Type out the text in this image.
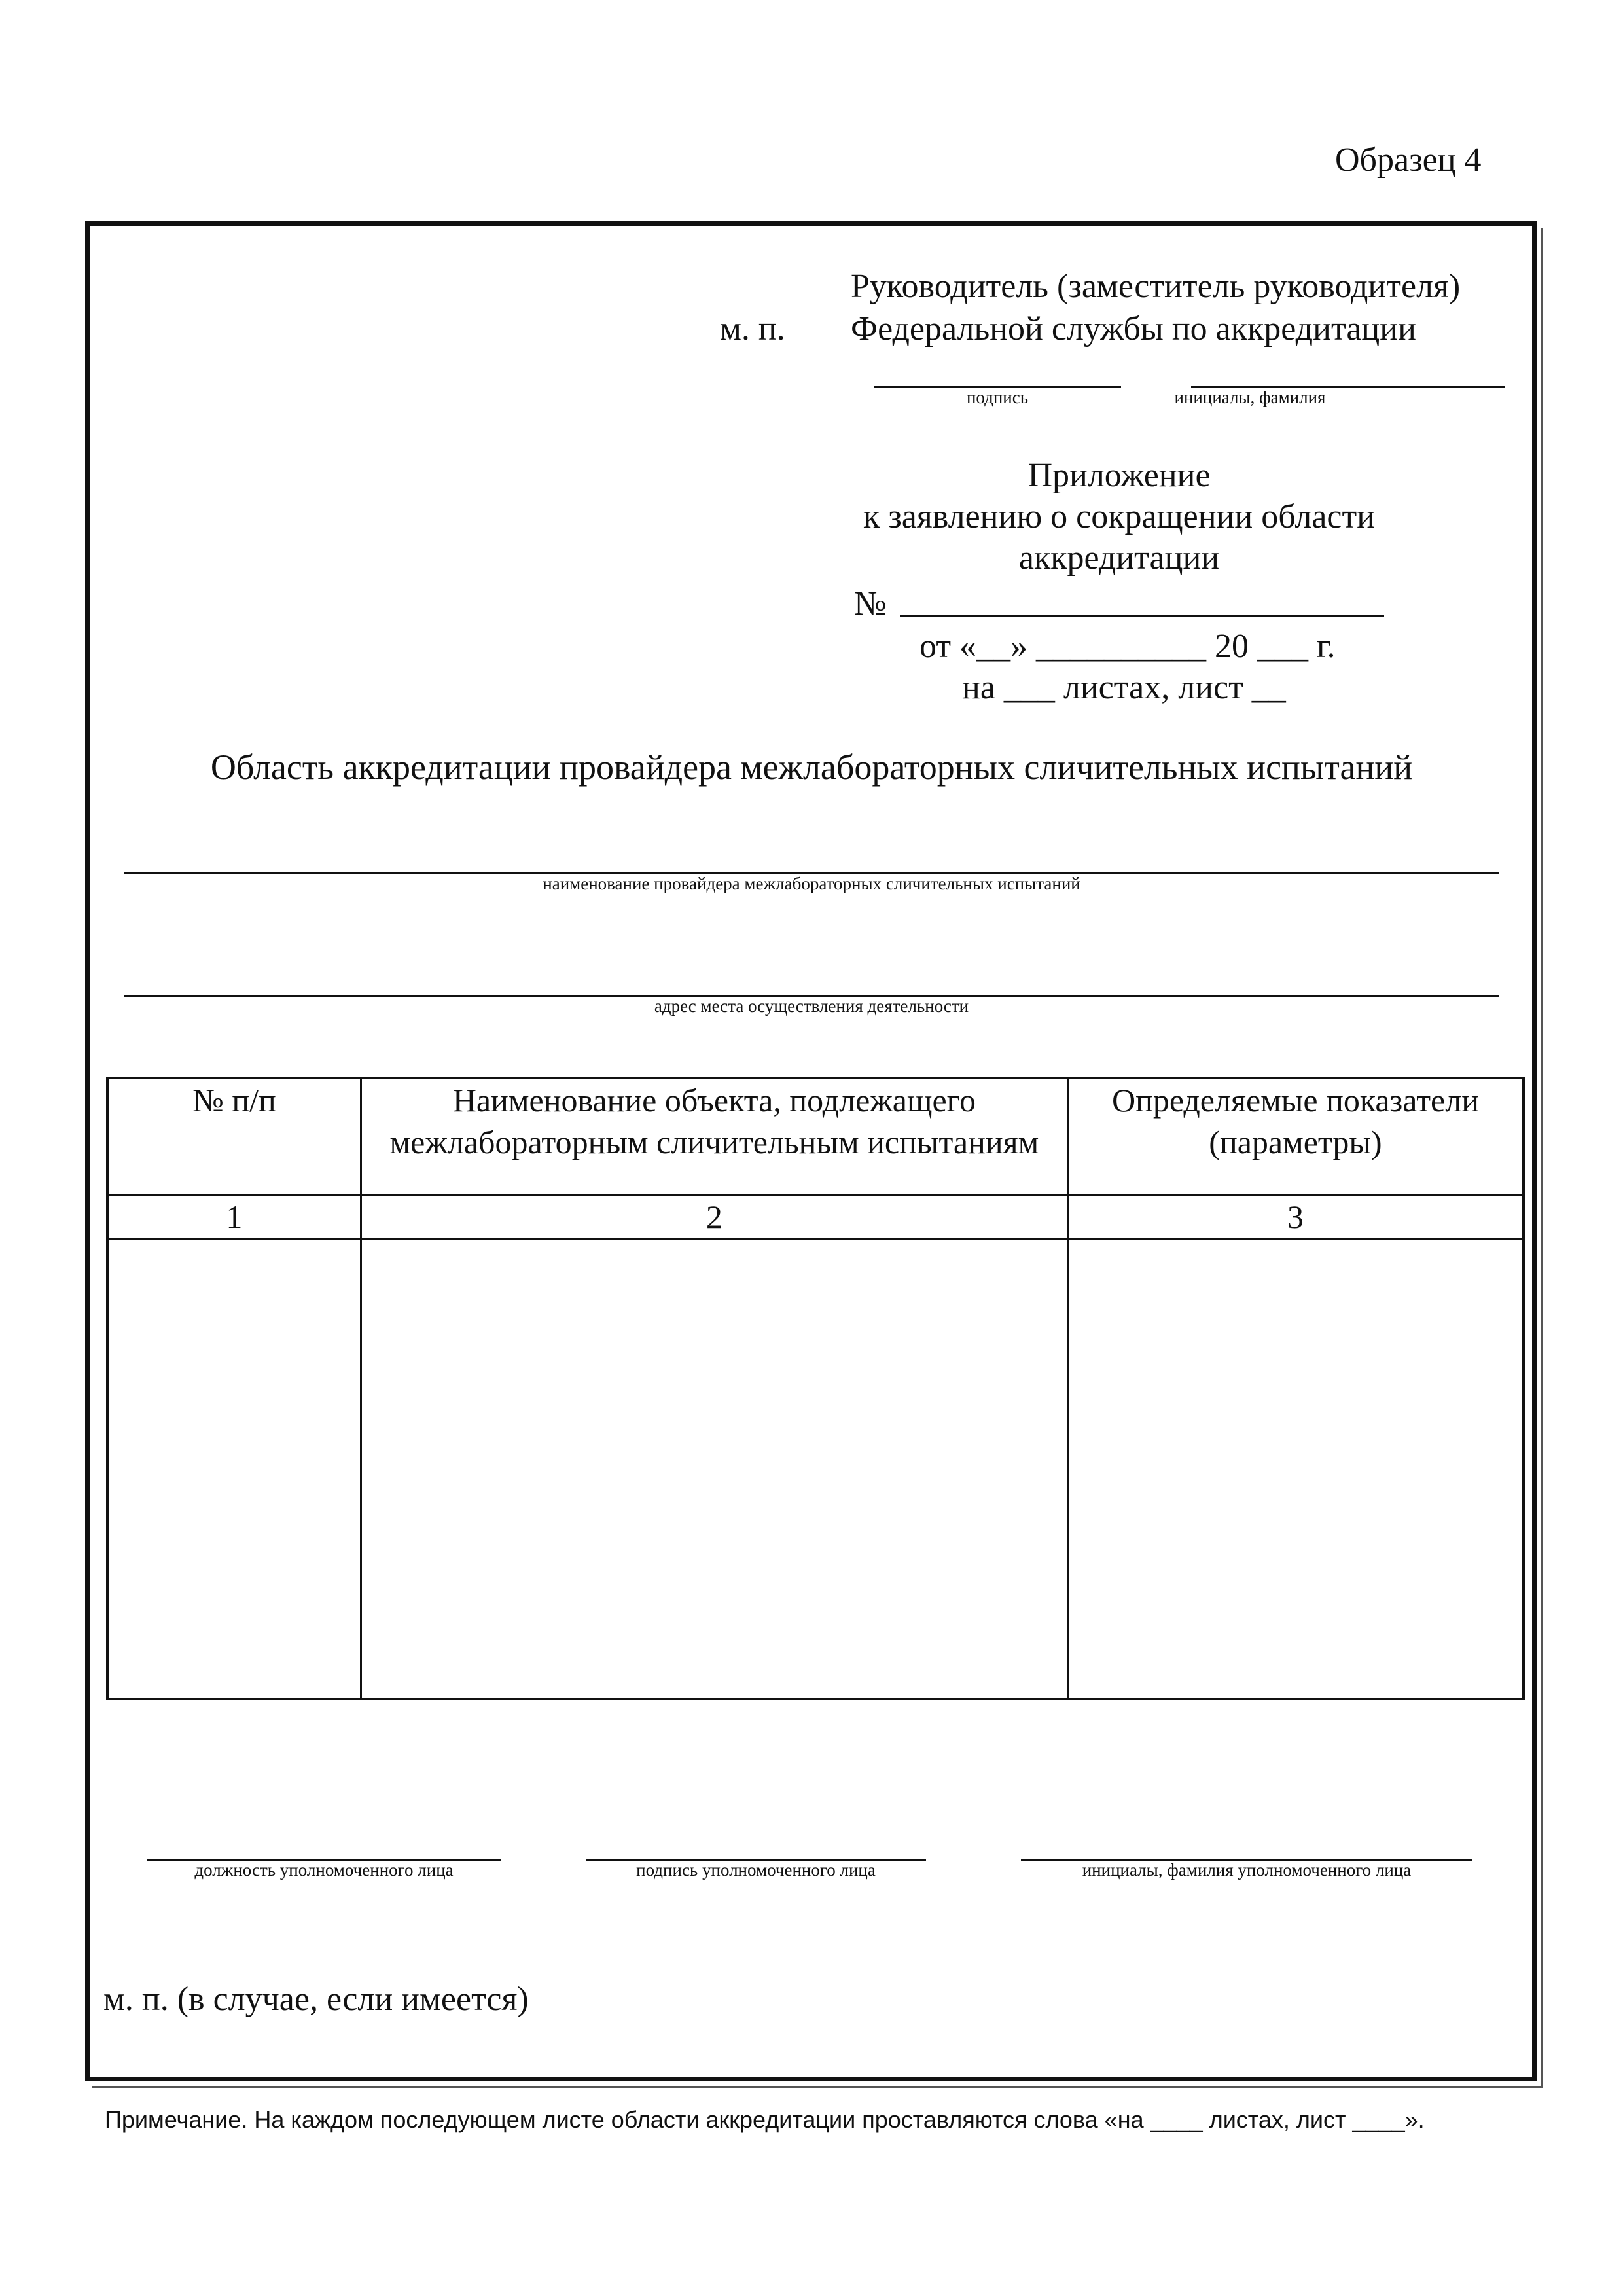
Образец 4
м. п.
Руководитель (заместитель руководителя)
Федеральной службы по аккредитации
подпись	инициалы, фамилия
Приложение
к заявлению о сокращении области
аккредитации
№
от «__» __________ 20 ___ г.
на ___ листах, лист __
Область аккредитации провайдера межлабораторных сличительных испытаний
наименование провайдера межлабораторных сличительных испытаний
адрес места осуществления деятельности
№ п/п	Наименование объекта, подлежащего межлабораторным сличительным испытаниям	Определяемые показатели (параметры)
1	2	3

должность уполномоченного лица	подпись уполномоченного лица	инициалы, фамилия уполномоченного лица
м. п. (в случае, если имеется)
Примечание. На каждом последующем листе области аккредитации проставляются слова «на ____ листах, лист ____».
